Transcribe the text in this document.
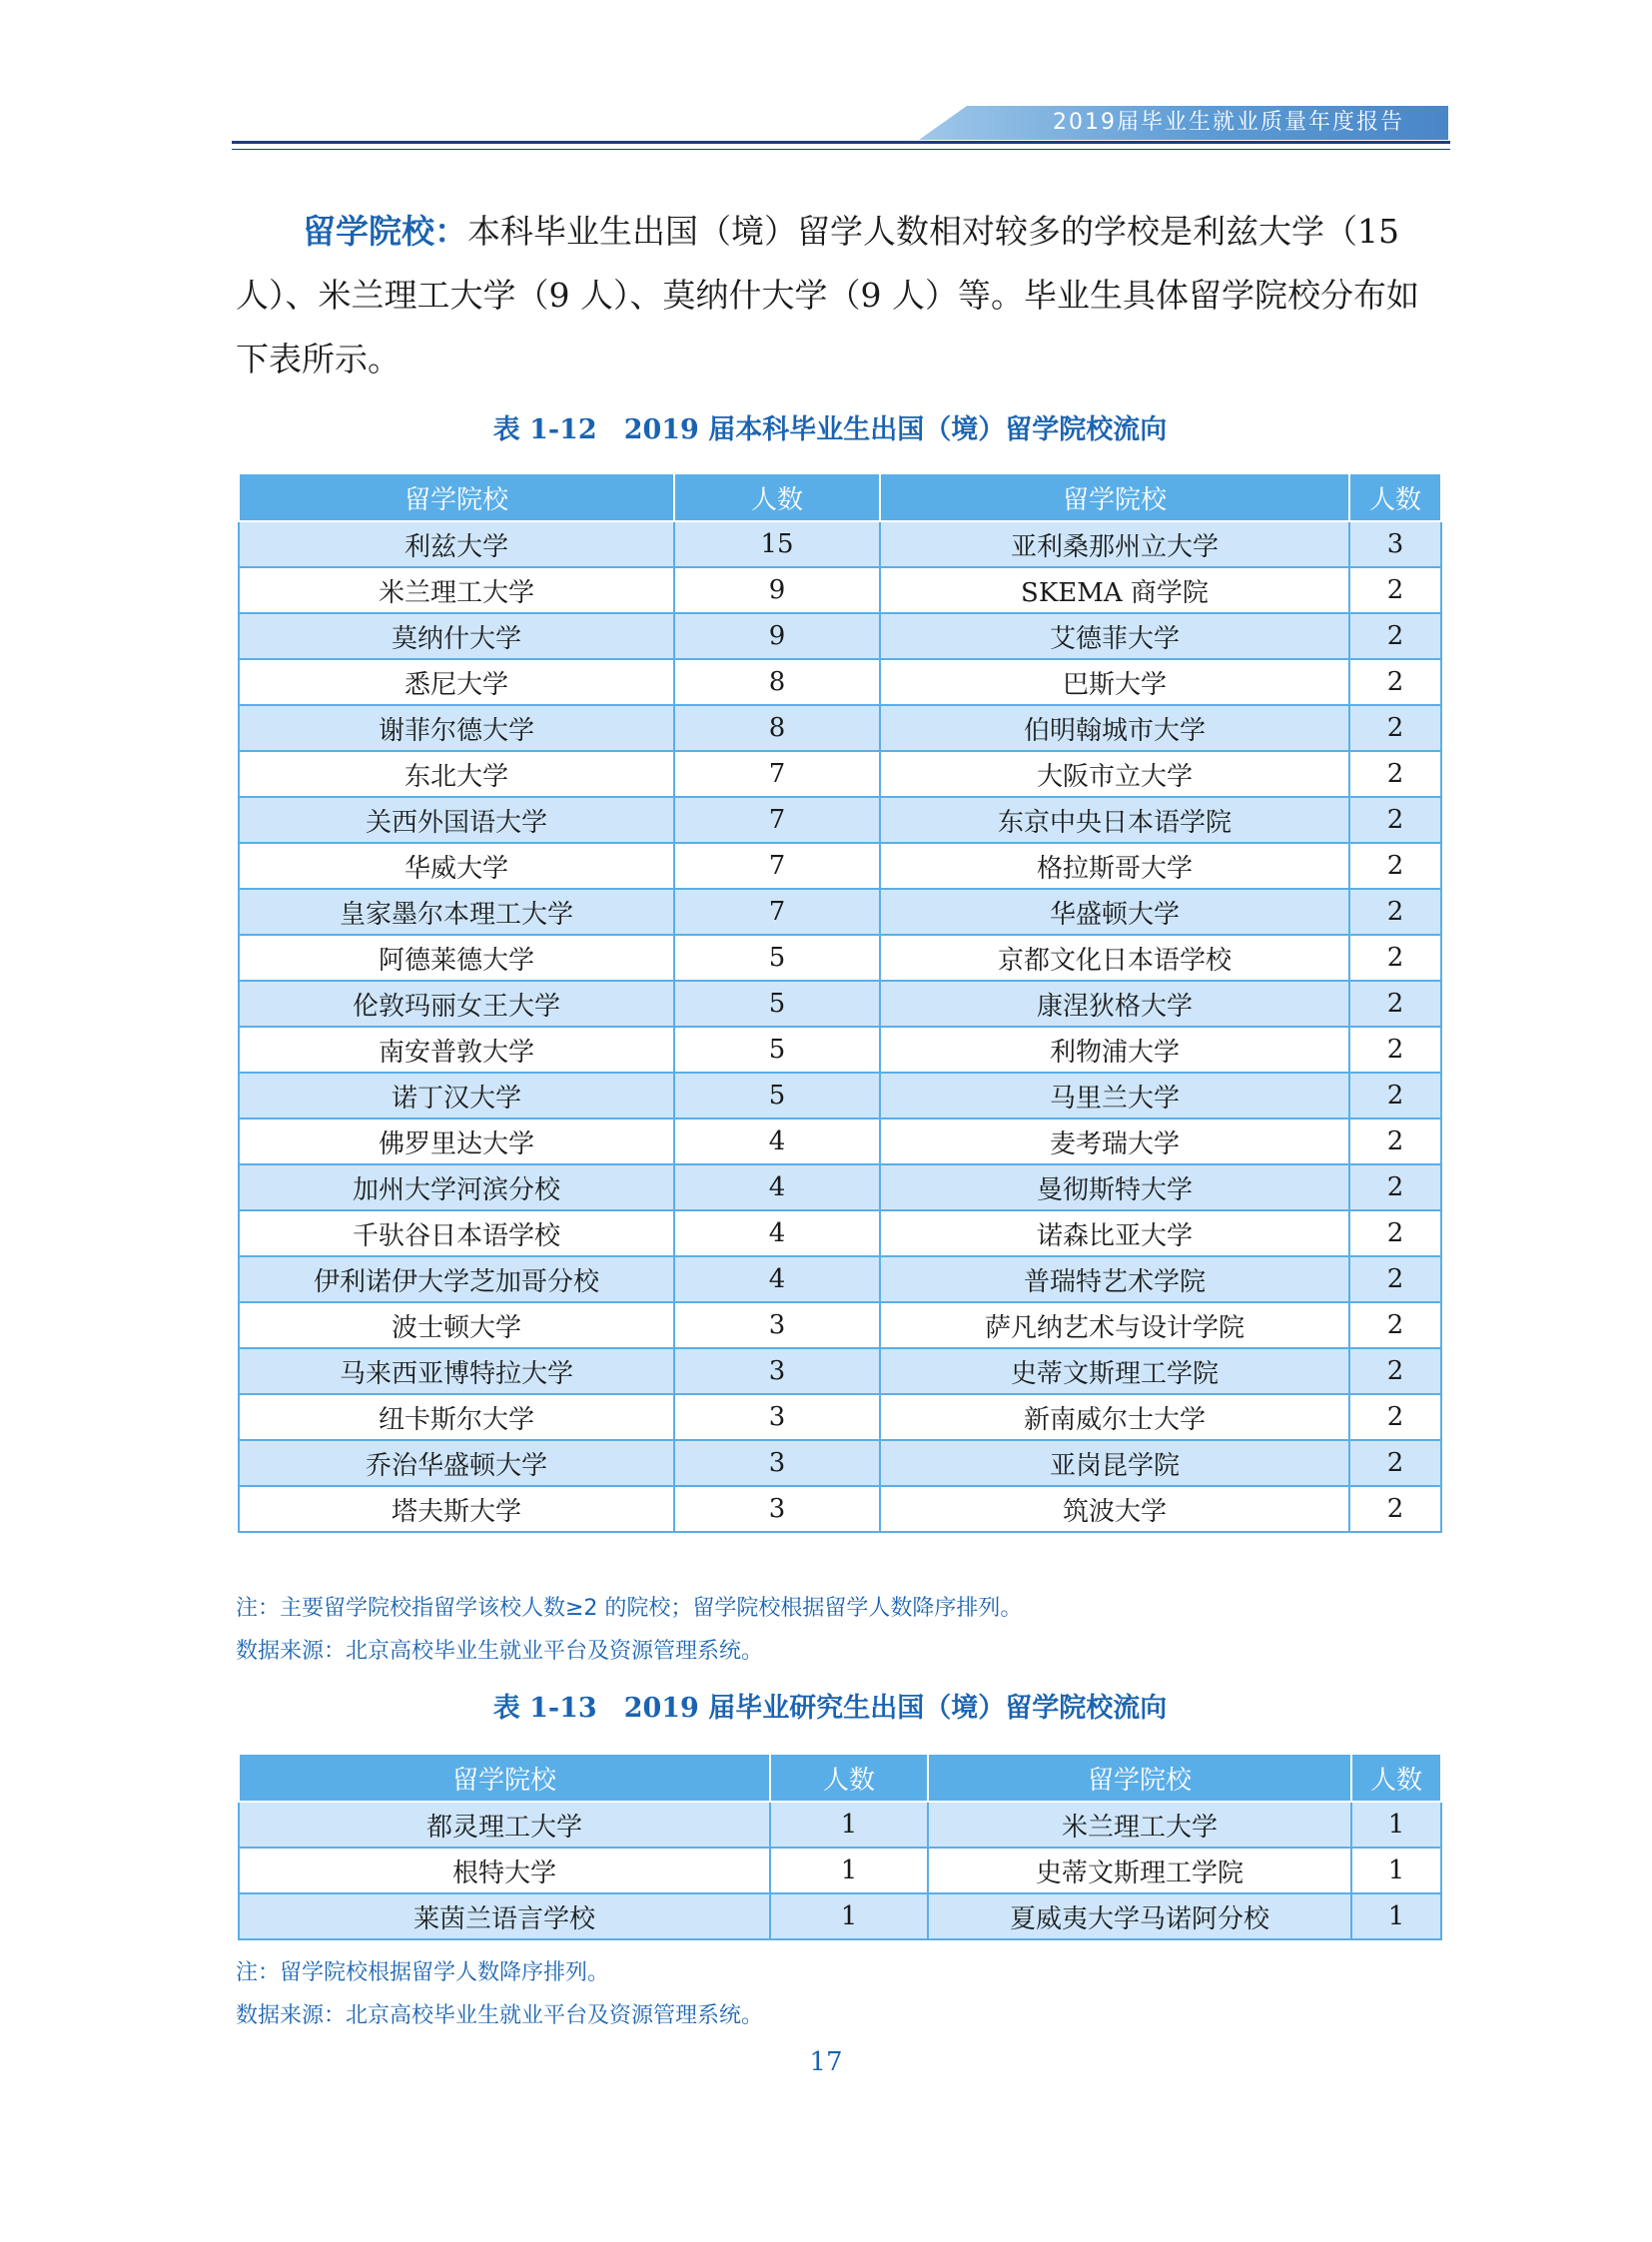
2019届毕业生就业质量年度报告
留学院校：本科毕业生出国（境）留学人数相对较多的学校是利兹大学（15人）、米兰理工大学（9 人）、莫纳什大学（9 人）等。毕业生具体留学院校分布如下表所示。
表 1-12　2019 届本科毕业生出国（境）留学院校流向
留学院校	人数	留学院校	人数
利兹大学	15	亚利桑那州立大学	3
米兰理工大学	9	SKEMA 商学院	2
莫纳什大学	9	艾德菲大学	2
悉尼大学	8	巴斯大学	2
谢菲尔德大学	8	伯明翰城市大学	2
东北大学	7	大阪市立大学	2
关西外国语大学	7	东京中央日本语学院	2
华威大学	7	格拉斯哥大学	2
皇家墨尔本理工大学	7	华盛顿大学	2
阿德莱德大学	5	京都文化日本语学校	2
伦敦玛丽女王大学	5	康涅狄格大学	2
南安普敦大学	5	利物浦大学	2
诺丁汉大学	5	马里兰大学	2
佛罗里达大学	4	麦考瑞大学	2
加州大学河滨分校	4	曼彻斯特大学	2
千驮谷日本语学校	4	诺森比亚大学	2
伊利诺伊大学芝加哥分校	4	普瑞特艺术学院	2
波士顿大学	3	萨凡纳艺术与设计学院	2
马来西亚博特拉大学	3	史蒂文斯理工学院	2
纽卡斯尔大学	3	新南威尔士大学	2
乔治华盛顿大学	3	亚岗昆学院	2
塔夫斯大学	3	筑波大学	2
注：主要留学院校指留学该校人数≥2 的院校；留学院校根据留学人数降序排列。
数据来源：北京高校毕业生就业平台及资源管理系统。
表 1-13　2019 届毕业研究生出国（境）留学院校流向
留学院校	人数	留学院校	人数
都灵理工大学	1	米兰理工大学	1
根特大学	1	史蒂文斯理工学院	1
莱茵兰语言学校	1	夏威夷大学马诺阿分校	1
注：留学院校根据留学人数降序排列。
数据来源：北京高校毕业生就业平台及资源管理系统。
17
